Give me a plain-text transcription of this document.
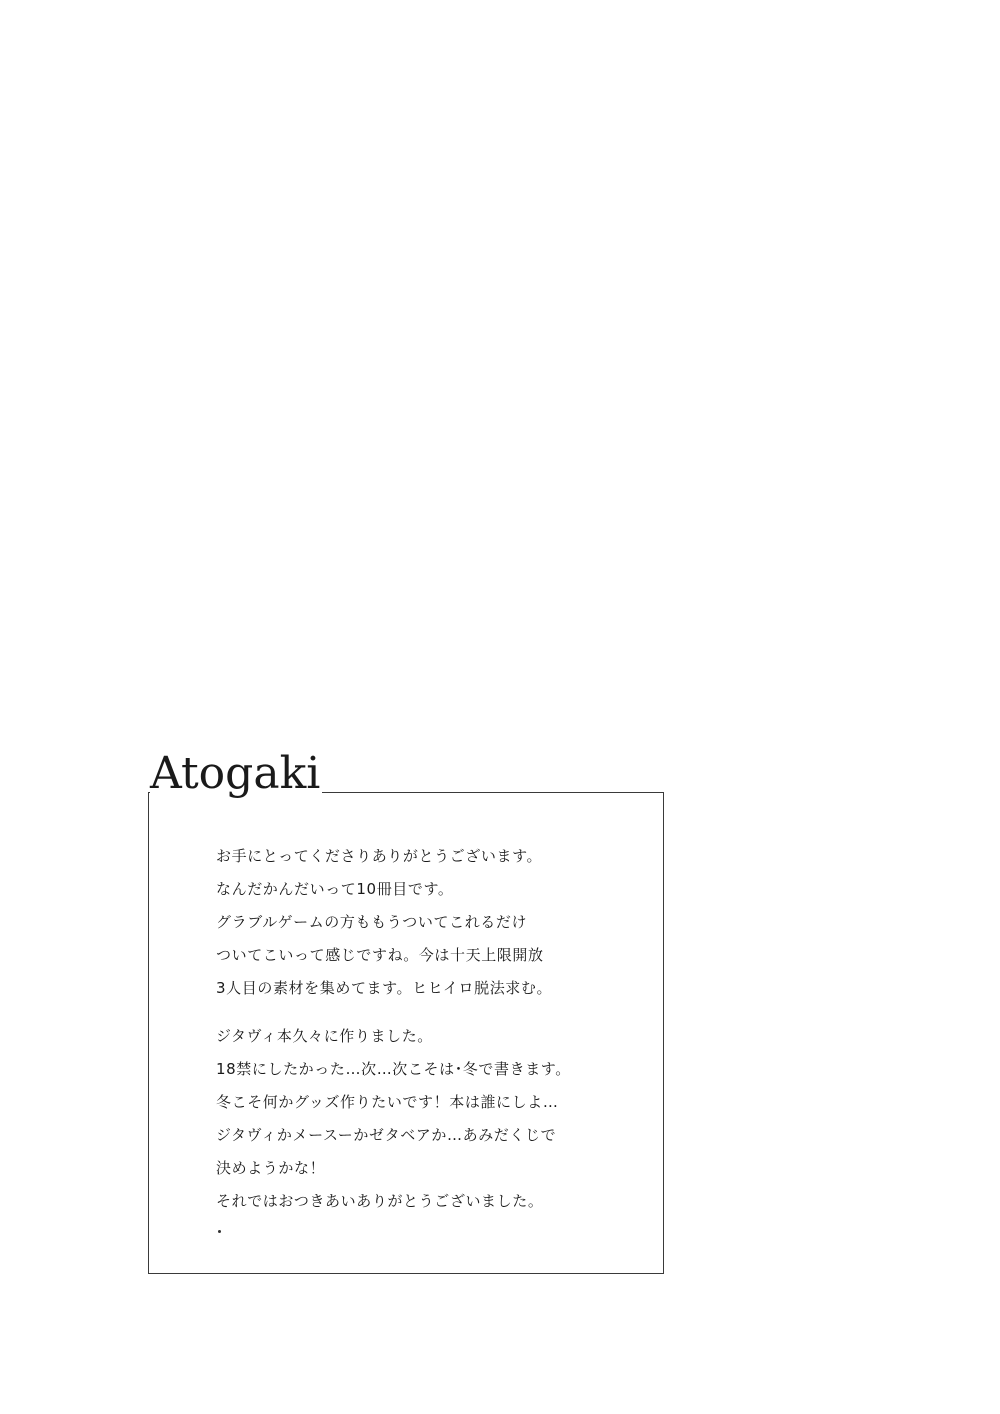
Atogaki
お手にとってくださりありがとうございます。
なんだかんだいって10冊目です。
グラブルゲームの方ももうついてこれるだけ
ついてこいって感じですね。今は十天上限開放
3人目の素材を集めてます。ヒヒイロ脱法求む。
ジタヴィ本久々に作りました。
18禁にしたかった…次…次こそは･冬で書きます。
冬こそ何かグッズ作りたいです！本は誰にしよ…
ジタヴィかメースーかゼタベアか…あみだくじで
決めようかな！
それではおつきあいありがとうございました。
